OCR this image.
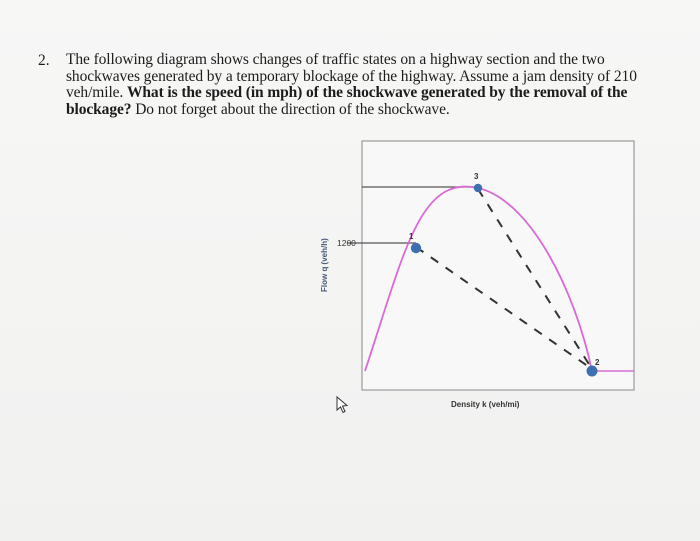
2. The following diagram shows changes of traffic states on a highway section and the two shockwaves generated by a temporary blockage of the highway. Assume a jam density of 210 veh/mile. What is the speed (in mph) of the shockwave generated by the removal of the blockage? Do not forget about the direction of the shockwave.
1
3
2
1200
Flow q (veh/h)
Density k (veh/mi)
